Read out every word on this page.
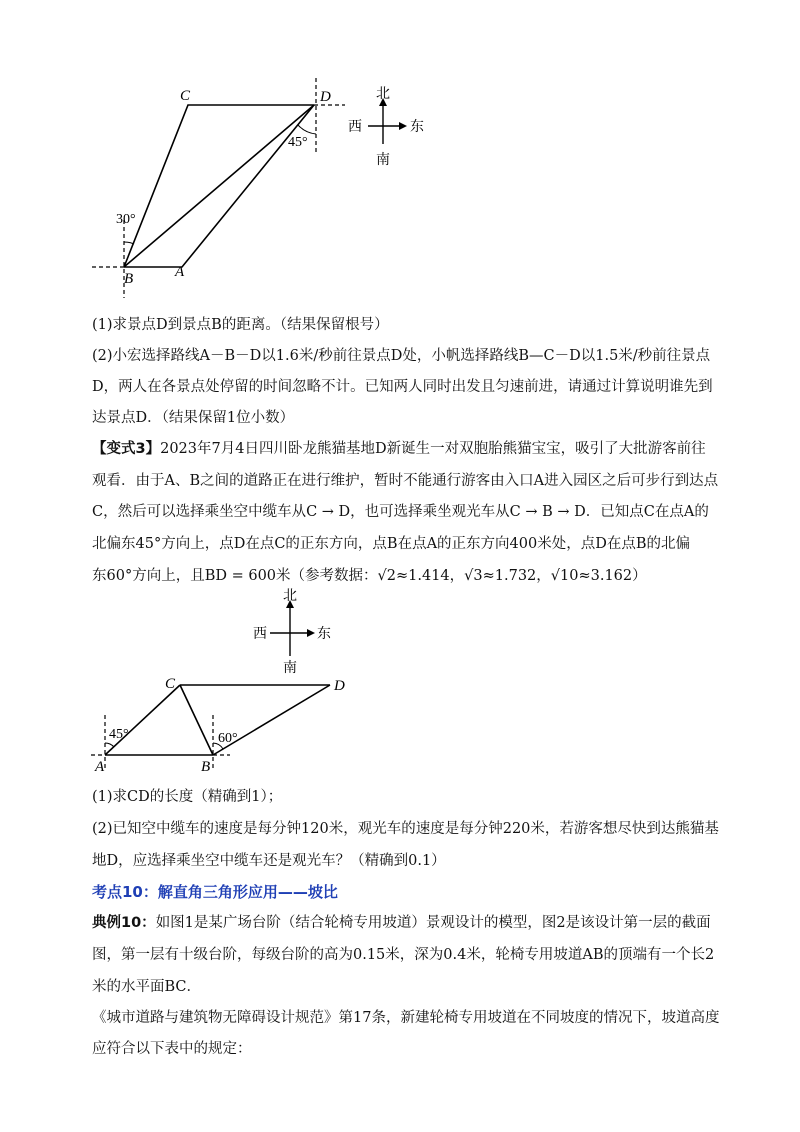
C	D
B	A
45°
30°
北
西	东
南
(1)求景点D到景点B的距离。（结果保留根号）
(2)小宏选择路线A－B－D以1.6米/秒前往景点D处，小帆选择路线B—C－D以1.5米/秒前往景点
D，两人在各景点处停留的时间忽略不计。已知两人同时出发且匀速前进，请通过计算说明谁先到
达景点D．（结果保留1位小数）
【变式3】2023年7月4日四川卧龙熊猫基地D新诞生一对双胞胎熊猫宝宝，吸引了大批游客前往
观看．由于A、B之间的道路正在进行维护，暂时不能通行游客由入口A进入园区之后可步行到达点
C，然后可以选择乘坐空中缆车从C → D，也可选择乘坐观光车从C → B → D．已知点C在点A的
北偏东45°方向上，点D在点C的正东方向，点B在点A的正东方向400米处，点D在点B的北偏
东60°方向上，且BD = 600米（参考数据：√2≈1.414，√3≈1.732，√10≈3.162）
北
西	东
南
C	D
A	B
45°	60°
(1)求CD的长度（精确到1）；
(2)已知空中缆车的速度是每分钟120米，观光车的速度是每分钟220米，若游客想尽快到达熊猫基
地D，应选择乘坐空中缆车还是观光车？（精确到0.1）
考点10：解直角三角形应用——坡比
典例10：如图1是某广场台阶（结合轮椅专用坡道）景观设计的模型，图2是该设计第一层的截面
图，第一层有十级台阶，每级台阶的高为0.15米，深为0.4米，轮椅专用坡道AB的顶端有一个长2
米的水平面BC．
《城市道路与建筑物无障碍设计规范》第17条，新建轮椅专用坡道在不同坡度的情况下，坡道高度
应符合以下表中的规定：
